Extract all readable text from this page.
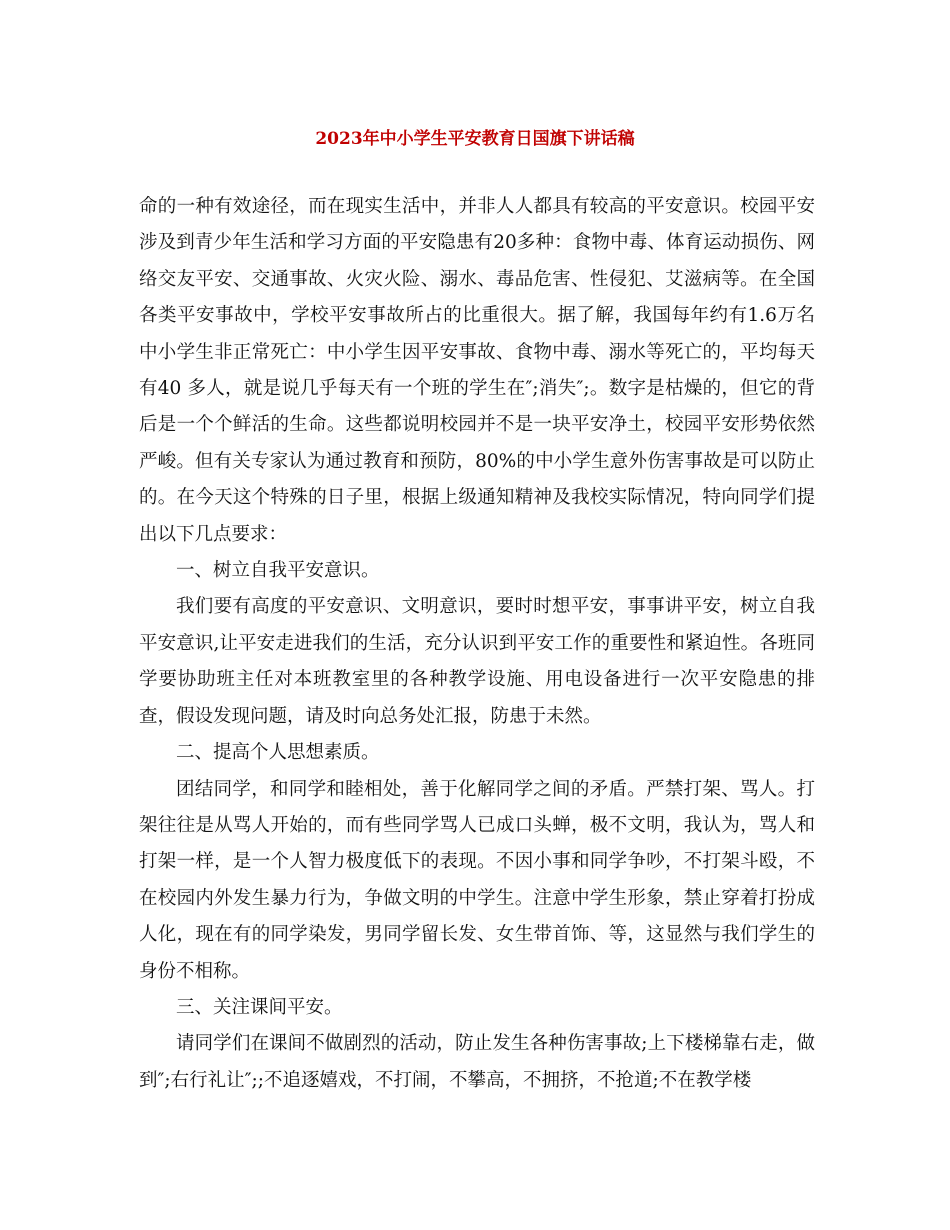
2023年中小学生平安教育日国旗下讲话稿

命的一种有效途径，而在现实生活中，并非人人都具有较高的平安意识。校园平安涉及到青少年生活和学习方面的平安隐患有20多种：食物中毒、体育运动损伤、网络交友平安、交通事故、火灾火险、溺水、毒品危害、性侵犯、艾滋病等。在全国各类平安事故中，学校平安事故所占的比重很大。据了解，我国每年约有1.6万名中小学生非正常死亡：中小学生因平安事故、食物中毒、溺水等死亡的，平均每天有40 多人，就是说几乎每天有一个班的学生在″;消失″;。数字是枯燥的，但它的背后是一个个鲜活的生命。这些都说明校园并不是一块平安净土，校园平安形势依然严峻。但有关专家认为通过教育和预防，80%的中小学生意外伤害事故是可以防止的。在今天这个特殊的日子里，根据上级通知精神及我校实际情况，特向同学们提出以下几点要求：

一、树立自我平安意识。

我们要有高度的平安意识、文明意识，要时时想平安，事事讲平安，树立自我平安意识,让平安走进我们的生活，充分认识到平安工作的重要性和紧迫性。各班同学要协助班主任对本班教室里的各种教学设施、用电设备进行一次平安隐患的排查，假设发现问题，请及时向总务处汇报，防患于未然。

二、提高个人思想素质。

团结同学，和同学和睦相处，善于化解同学之间的矛盾。严禁打架、骂人。打架往往是从骂人开始的，而有些同学骂人已成口头蝉，极不文明，我认为，骂人和打架一样，是一个人智力极度低下的表现。不因小事和同学争吵，不打架斗殴，不在校园内外发生暴力行为，争做文明的中学生。注意中学生形象，禁止穿着打扮成人化，现在有的同学染发，男同学留长发、女生带首饰、等，这显然与我们学生的身份不相称。

三、关注课间平安。

请同学们在课间不做剧烈的活动，防止发生各种伤害事故;上下楼梯靠右走，做到″;右行礼让″;;不追逐嬉戏，不打闹，不攀高，不拥挤，不抢道;不在教学楼
